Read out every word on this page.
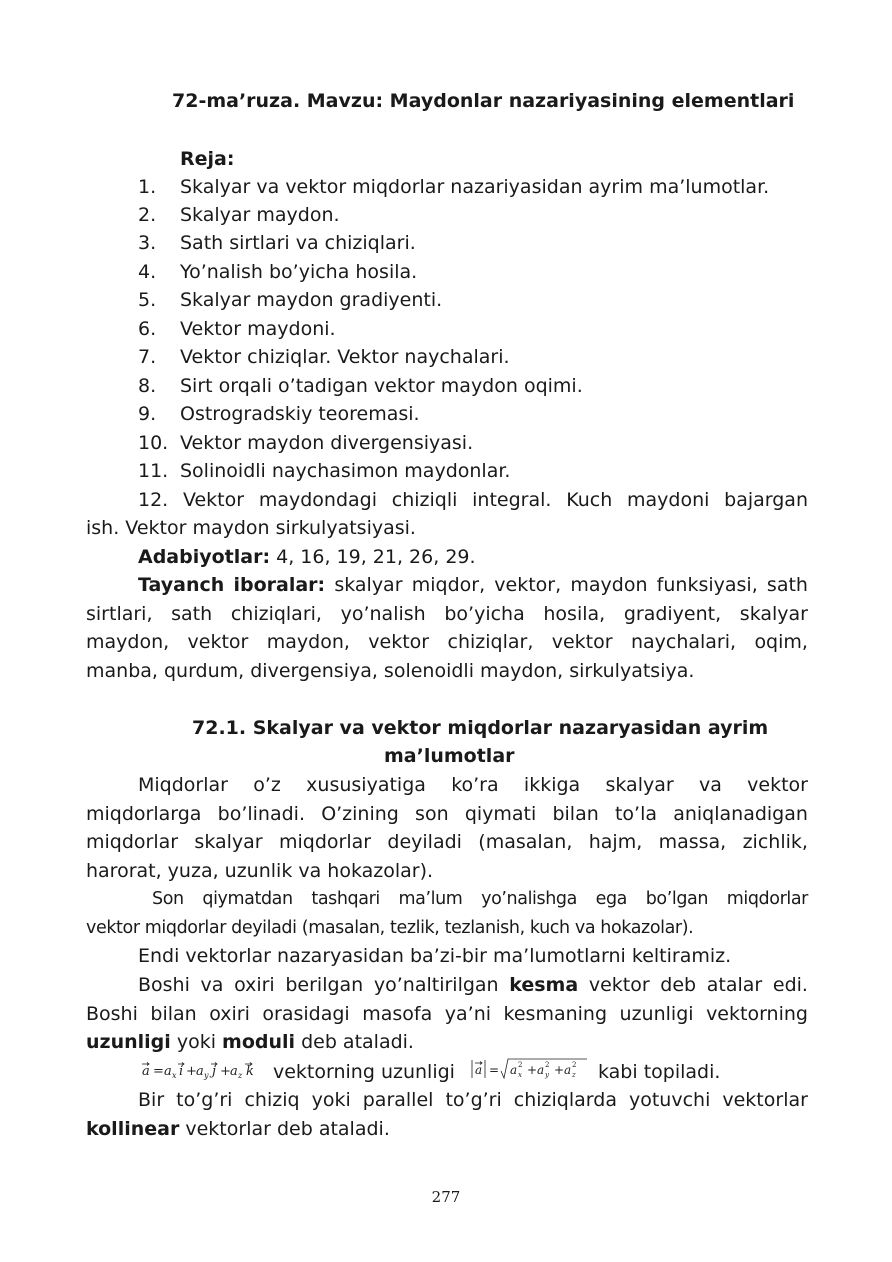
72-ma’ruza. Mavzu: Maydonlar nazariyasining elementlari
Reja:
1. Skalyar va vektor miqdorlar nazariyasidan ayrim ma’lumotlar.
2. Skalyar maydon.
3. Sath sirtlari va chiziqlari.
4. Yo’nalish bo’yicha hosila.
5. Skalyar maydon gradiyenti.
6. Vektor maydoni.
7. Vektor chiziqlar. Vektor naychalari.
8. Sirt orqali o’tadigan vektor maydon oqimi.
9. Ostrogradskiy teoremasi.
10. Vektor maydon divergensiyasi.
11. Solinoidli naychasimon maydonlar.
12. Vektor maydondagi chiziqli integral. Kuch maydoni bajargan
ish. Vektor maydon sirkulyatsiyasi.
Adabiyotlar: 4, 16, 19, 21, 26, 29.
Tayanch iboralar: skalyar miqdor, vektor, maydon funksiyasi, sath
sirtlari, sath chiziqlari, yo’nalish bo’yicha hosila, gradiyent, skalyar
maydon, vektor maydon, vektor chiziqlar, vektor naychalari, oqim,
manba, qurdum, divergensiya, solenoidli maydon, sirkulyatsiya.
72.1. Skalyar va vektor miqdorlar nazaryasidan ayrim
ma’lumotlar
Miqdorlar o’z xususiyatiga ko’ra ikkiga skalyar va vektor
miqdorlarga bo’linadi. O’zining son qiymati bilan to’la aniqlanadigan
miqdorlar skalyar miqdorlar deyiladi (masalan, hajm, massa, zichlik,
harorat, yuza, uzunlik va hokazolar).
Son qiymatdan tashqari ma’lum yo’nalishga ega bo’lgan miqdorlar
vektor miqdorlar deyiladi (masalan, tezlik, tezlanish, kuch va hokazolar).
Endi vektorlar nazaryasidan ba’zi-bir ma’lumotlarni keltiramiz.
Boshi va oxiri berilgan yo’naltirilgan kesma vektor deb atalar edi.
Boshi bilan oxiri orasidagi masofa ya’ni kesmaning uzunligi vektorning
uzunligi yoki moduli deb ataladi.
a = a x i + a y j + a z k vektorning uzunligi a = a x
2 + a y
2 + a z
2 kabi topiladi.
Bir to’g’ri chiziq yoki parallel to’g’ri chiziqlarda yotuvchi vektorlar
kollinear vektorlar deb ataladi.
277
